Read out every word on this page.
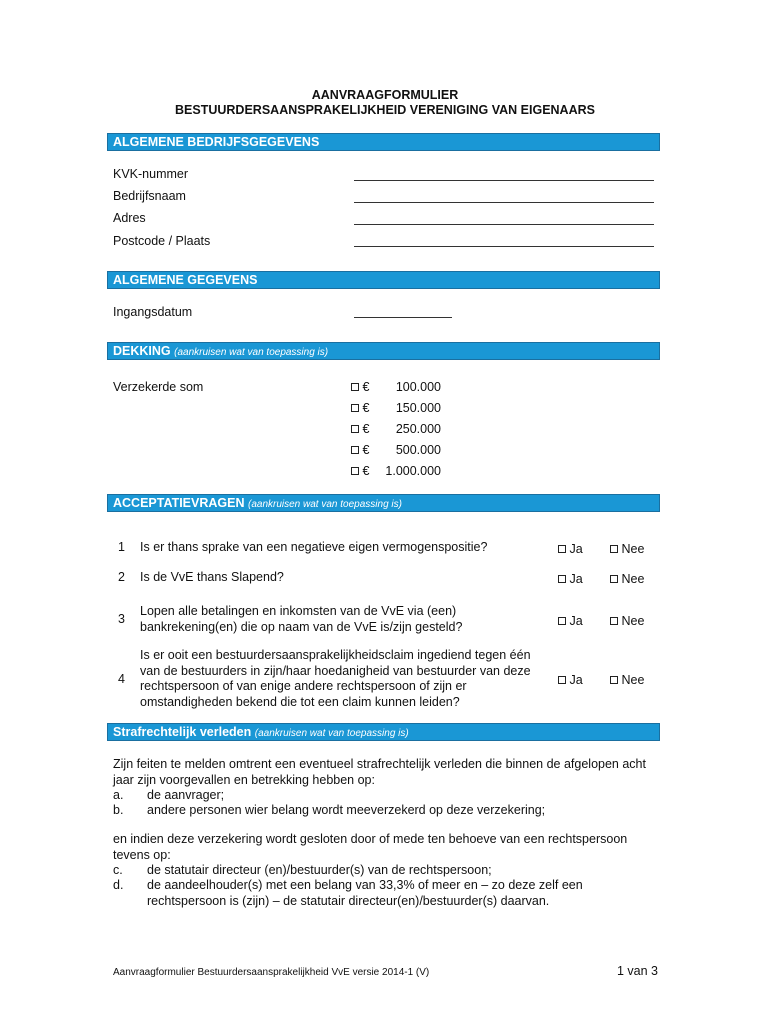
AANVRAAGFORMULIER
BESTUURDERSAANSPRAKELIJKHEID VERENIGING VAN EIGENAARS
ALGEMENE BEDRIJFSGEGEVENS
KVK-nummer
Bedrijfsnaam
Adres
Postcode / Plaats
ALGEMENE GEGEVENS
Ingangsdatum
DEKKING (aankruisen wat van toepassing is)
Verzekerde som	€	100.000
€	150.000
€	250.000
€	500.000
€	1.000.000
ACCEPTATIEVRAGEN (aankruisen wat van toepassing is)
1 Is er thans sprake van een negatieve eigen vermogenspositie?	Ja	Nee
2 Is de VvE thans Slapend?	Ja	Nee
3
Lopen alle betalingen en inkomsten van de VvE via (een) bankrekening(en) die op naam van de VvE is/zijn gesteld?	Ja	Nee
4
Is er ooit een bestuurdersaansprakelijkheidsclaim ingediend tegen één van de bestuurders in zijn/haar hoedanigheid van bestuurder van deze rechtspersoon of van enige andere rechtspersoon of zijn er omstandigheden bekend die tot een claim kunnen leiden?
Ja	Nee
Strafrechtelijk verleden (aankruisen wat van toepassing is)
Zijn feiten te melden omtrent een eventueel strafrechtelijk verleden die binnen de afgelopen acht jaar zijn voorgevallen en betrekking hebben op:
a. de aanvrager;
b. andere personen wier belang wordt meeverzekerd op deze verzekering;
en indien deze verzekering wordt gesloten door of mede ten behoeve van een rechtspersoon tevens op:
c. de statutair directeur (en)/bestuurder(s) van de rechtspersoon;
d. de aandeelhouder(s) met een belang van 33,3% of meer en – zo deze zelf een rechtspersoon is (zijn) – de statutair directeur(en)/bestuurder(s) daarvan.
Aanvraagformulier Bestuurdersaansprakelijkheid VvE versie 2014-1 (V)	1 van 3
